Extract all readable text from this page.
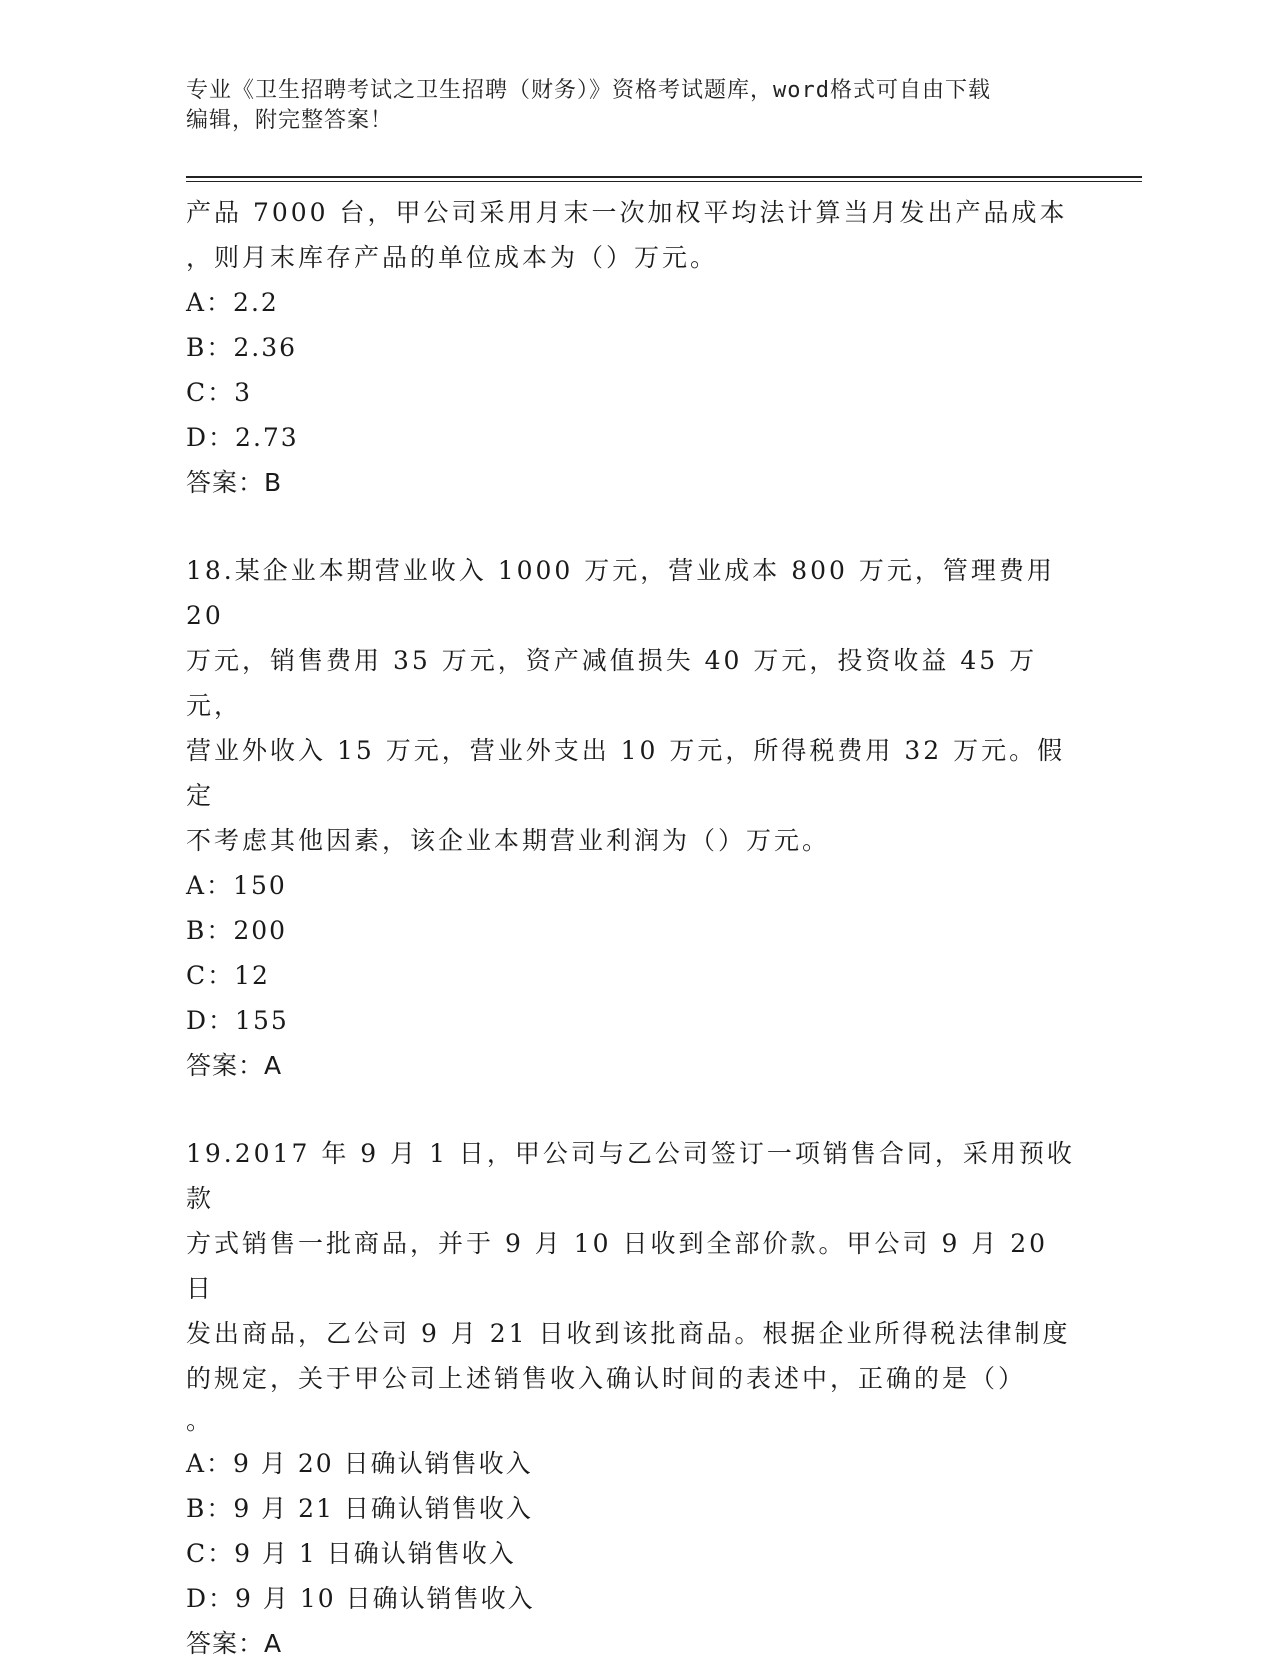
专业《卫生招聘考试之卫生招聘（财务）》资格考试题库，word格式可自由下载
编辑，附完整答案！

产品 7000 台，甲公司采用月末一次加权平均法计算当月发出产品成本

，则月末库存产品的单位成本为（）万元。

A：2.2

B：2.36

C：3

D：2.73

答案：B

18.某企业本期营业收入 1000 万元，营业成本 800 万元，管理费用 20

万元，销售费用 35 万元，资产减值损失 40 万元，投资收益 45 万元，

营业外收入 15 万元，营业外支出 10 万元，所得税费用 32 万元。假定

不考虑其他因素，该企业本期营业利润为（）万元。

A：150

B：200

C：12

D：155

答案：A

19.2017 年 9 月 1 日，甲公司与乙公司签订一项销售合同，采用预收款

方式销售一批商品，并于 9 月 10 日收到全部价款。甲公司 9 月 20 日

发出商品，乙公司 9 月 21 日收到该批商品。根据企业所得税法律制度

的规定，关于甲公司上述销售收入确认时间的表述中，正确的是（）

。

A：9 月 20 日确认销售收入

B：9 月 21 日确认销售收入

C：9 月 1 日确认销售收入

D：9 月 10 日确认销售收入

答案：A
